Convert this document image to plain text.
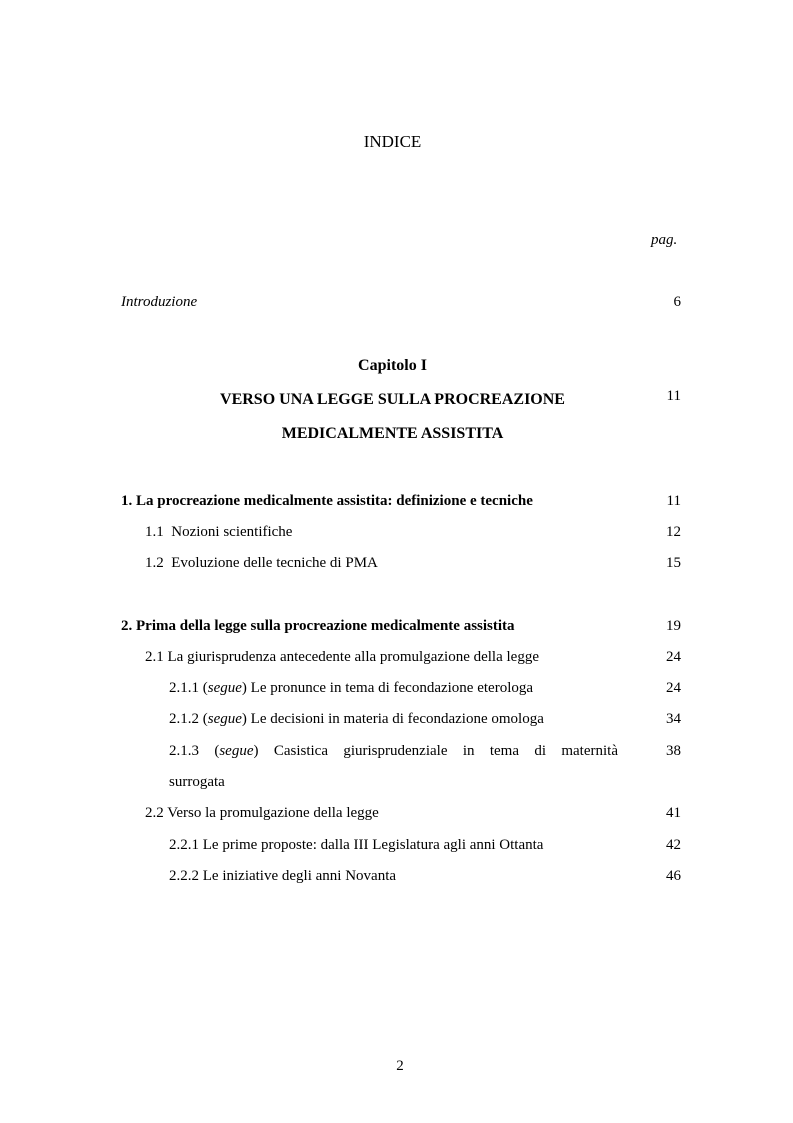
INDICE
pag.
Introduzione	6
Capitolo I
VERSO UNA LEGGE SULLA PROCREAZIONE	11
MEDICALMENTE ASSISTITA
1. La procreazione medicalmente assistita: definizione e tecniche	11
1.1  Nozioni scientifiche	12
1.2  Evoluzione delle tecniche di PMA	15
2. Prima della legge sulla procreazione medicalmente assistita	19
2.1 La giurisprudenza antecedente alla promulgazione della legge	24
2.1.1 (segue) Le pronunce in tema di fecondazione eterologa	24
2.1.2 (segue) Le decisioni in materia di fecondazione omologa	34
2.1.3 (segue) Casistica giurisprudenziale in tema di maternità	38
surrogata
2.2 Verso la promulgazione della legge	41
2.2.1 Le prime proposte: dalla III Legislatura agli anni Ottanta	42
2.2.2 Le iniziative degli anni Novanta	46
2
